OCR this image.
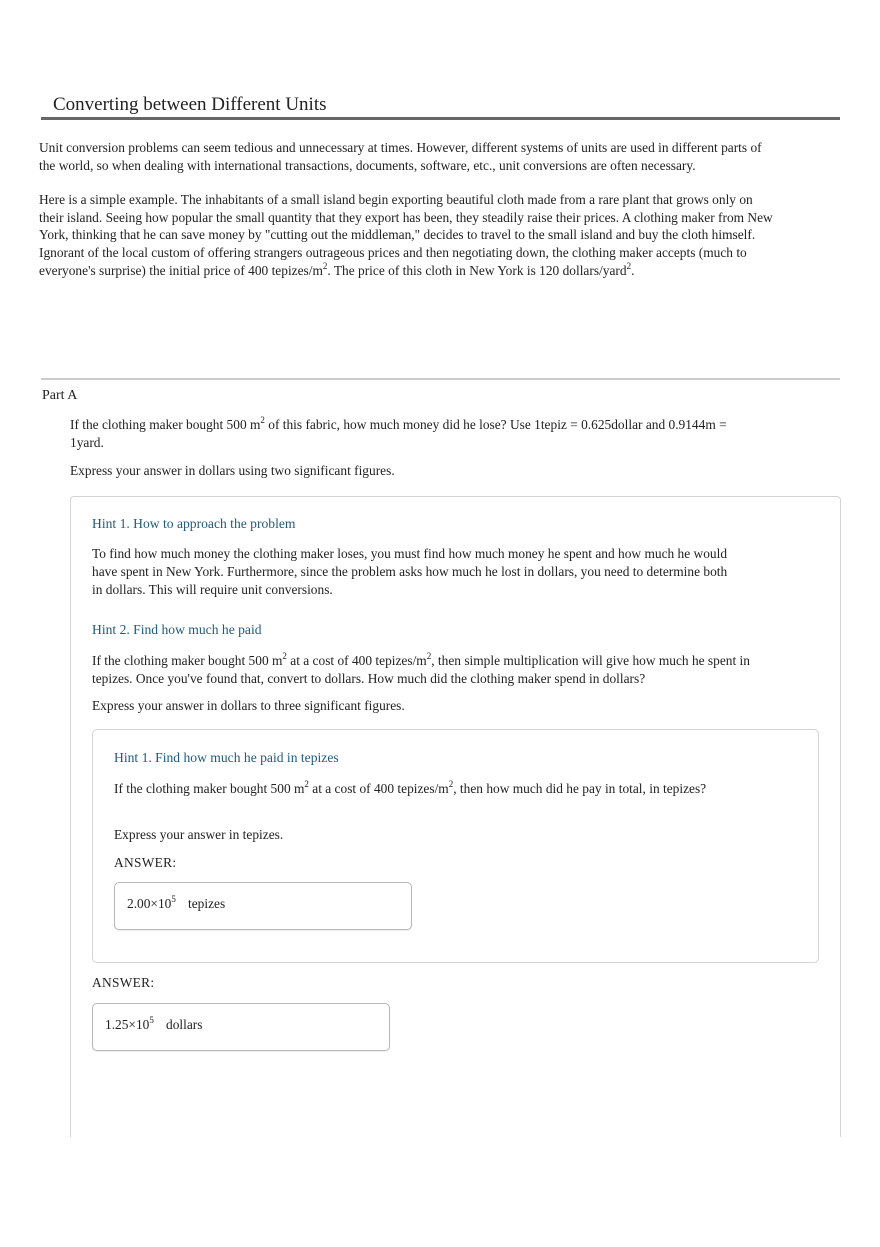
Converting between Different Units

Unit conversion problems can seem tedious and unnecessary at times. However, different systems of units are used in different parts of the world, so when dealing with international transactions, documents, software, etc., unit conversions are often necessary.

Here is a simple example. The inhabitants of a small island begin exporting beautiful cloth made from a rare plant that grows only on their island. Seeing how popular the small quantity that they export has been, they steadily raise their prices. A clothing maker from New York, thinking that he can save money by "cutting out the middleman," decides to travel to the small island and buy the cloth himself. Ignorant of the local custom of offering strangers outrageous prices and then negotiating down, the clothing maker accepts (much to everyone's surprise) the initial price of 400 tepizes/$m^2$. The price of this cloth in New York is 120 dollars/yard$^2$.

Part A

If the clothing maker bought 500 $m^2$ of this fabric, how much money did he lose? Use 1tepiz = 0.625dollar and 0.9144m = 1yard.

Express your answer in dollars using two significant figures.
Hint 1. How to approach the problem

To find how much money the clothing maker loses, you must find how much money he spent and how much he would have spent in New York. Furthermore, since the problem asks how much he lost in dollars, you need to determine both in dollars. This will require unit conversions.

Hint 2. Find how much he paid

If the clothing maker bought 500 $m^2$ at a cost of 400 tepizes/$m^2$, then simple multiplication will give how much he spent in tepizes. Once you've found that, convert to dollars. How much did the clothing maker spend in dollars?

Express your answer in dollars to three significant figures.
Hint 1. Find how much he paid in tepizes

If the clothing maker bought 500 $m^2$ at a cost of 400 tepizes/$m^2$, then how much did he pay in total, in tepizes?

Express your answer in tepizes.
ANSWER:
$2.00\times 10^5$ tepizes
ANSWER:
$1.25\times 10^5$ dollars
